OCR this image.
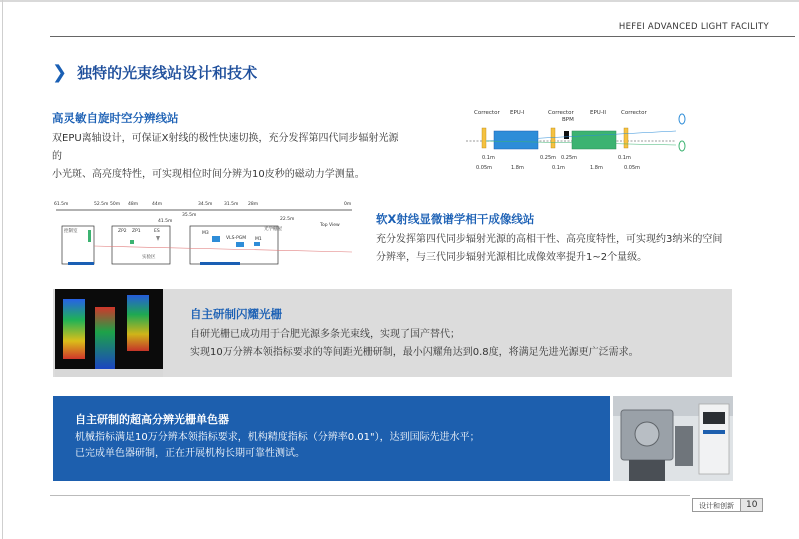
HEFEI ADVANCED LIGHT FACILITY
❯ 独特的光束线站设计和技术
高灵敏自旋时空分辨线站
双EPU离轴设计，可保证X射线的极性快速切换，充分发挥第四代同步辐射光源的
小光斑、高亮度特性，可实现相位时间分辨为10皮秒的磁动力学测量。
Corrector EPU-I	Corrector
BPM
EPU-II	Corrector
0.1m	0.25m 0.25m	0.1m
0.05m	1.8m	0.1m	1.8m	0.05m
61.5m	52.5m 50m 48m	44m
41.5m
35.5m
34.5m	31.5m 28m
22.5m
0m
控制室	ZP2 ZP1	ES
实验区
M3
VLS-PGM M1
光学棚屋
Top View	软X射线显微谱学相干成像线站
充分发挥第四代同步辐射光源的高相干性、高亮度特性，可实现约3纳米的空间
分辨率，与三代同步辐射光源相比成像效率提升1~2个量级。
自主研制闪耀光栅
自研光栅已成功用于合肥光源多条光束线，实现了国产替代；
实现10万分辨本领指标要求的等间距光栅研制，最小闪耀角达到0.8度，将满足先进光源更广泛需求。
自主研制的超高分辨光栅单色器
机械指标满足10万分辨本领指标要求，机构精度指标（分辨率0.01"），达到国际先进水平；
已完成单色器研制，正在开展机构长期可靠性测试。
设计和创新	10
